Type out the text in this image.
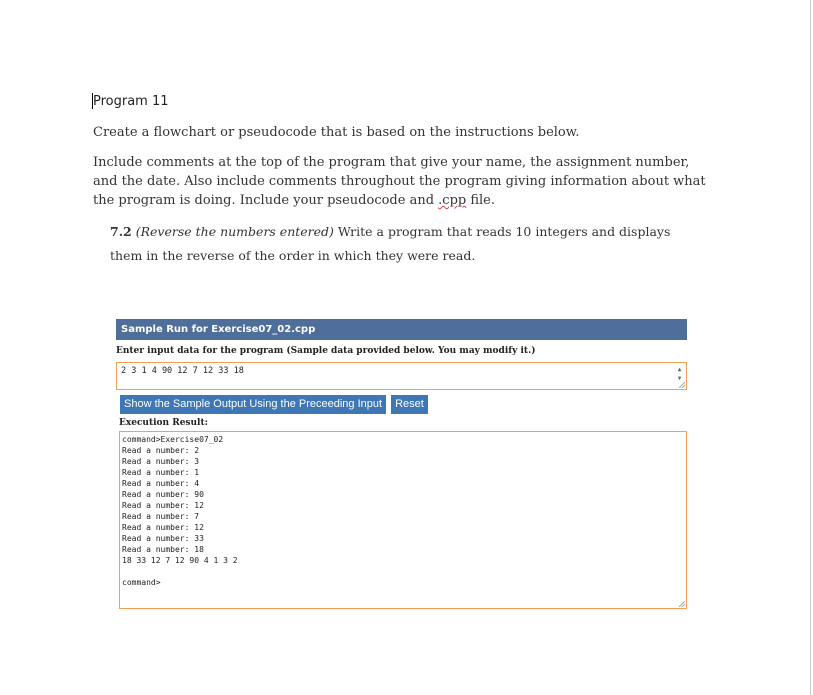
Program 11
Create a flowchart or pseudocode that is based on the instructions below.
Include comments at the top of the program that give your name, the assignment number, and the date. Also include comments throughout the program giving information about what the program is doing. Include your pseudocode and .cpp file.
7.2 (Reverse the numbers entered) Write a program that reads 10 integers and displays them in the reverse of the order in which they were read.
Sample Run for Exercise07_02.cpp
Enter input data for the program (Sample data provided below. You may modify it.)
2 3 1 4 90 12 7 12 33 18	▲
▼
Show the Sample Output Using the Preceeding Input	Reset
Execution Result:
command>Exercise07_02
Read a number: 2
Read a number: 3
Read a number: 1
Read a number: 4
Read a number: 90
Read a number: 12
Read a number: 7
Read a number: 12
Read a number: 33
Read a number: 18
18 33 12 7 12 90 4 1 3 2

command>
